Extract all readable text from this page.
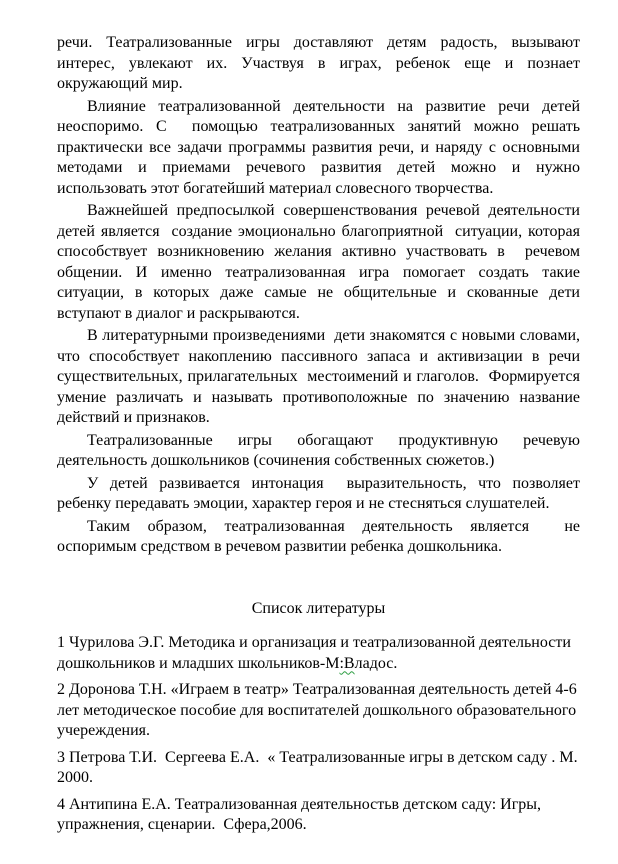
речи. Театрализованные игры доставляют детям радость, вызывают интерес, увлекают их. Участвуя в играх, ребенок еще и познает окружающий мир.

Влияние театрализованной деятельности на развитие речи детей неоспоримо. С  помощью театрализованных занятий можно решать практически все задачи программы развития речи, и наряду с основными методами и приемами речевого развития детей можно и нужно использовать этот богатейший материал словесного творчества.

Важнейшей предпосылкой совершенствования речевой деятельности детей является  создание эмоционально благоприятной  ситуации, которая способствует возникновению желания активно участвовать в  речевом общении. И именно театрализованная игра помогает создать такие ситуации, в которых даже самые не общительные и скованные дети вступают в диалог и раскрываются.

В литературными произведениями  дети знакомятся с новыми словами, что способствует накоплению пассивного запаса и активизации в речи существительных, прилагательных  местоимений и глаголов.  Формируется умение различать и называть противоположные по значению название действий и признаков.

Театрализованные игры обогащают продуктивную речевую деятельность дошкольников (сочинения собственных сюжетов.)

У детей развивается интонация  выразительность, что позволяет ребенку передавать эмоции, характер героя и не стесняться слушателей.

Таким образом, театрализованная деятельность является  не оспоримым средством в речевом развитии ребенка дошкольника.

Список литературы

1 Чурилова Э.Г. Методика и организация и театрализованной деятельности дошкольников и младших школьников-М:Владос.

2 Доронова Т.Н. «Играем в театр» Театрализованная деятельность детей 4-6 лет методическое пособие для воспитателей дошкольного образовательного учереждения.

3 Петрова Т.И.  Сергеева Е.А.  « Театрализованные игры в детском саду . М. 2000.

4 Антипина Е.А. Театрализованная деятельностьв детском саду: Игры, упражнения, сценарии.  Сфера,2006.
